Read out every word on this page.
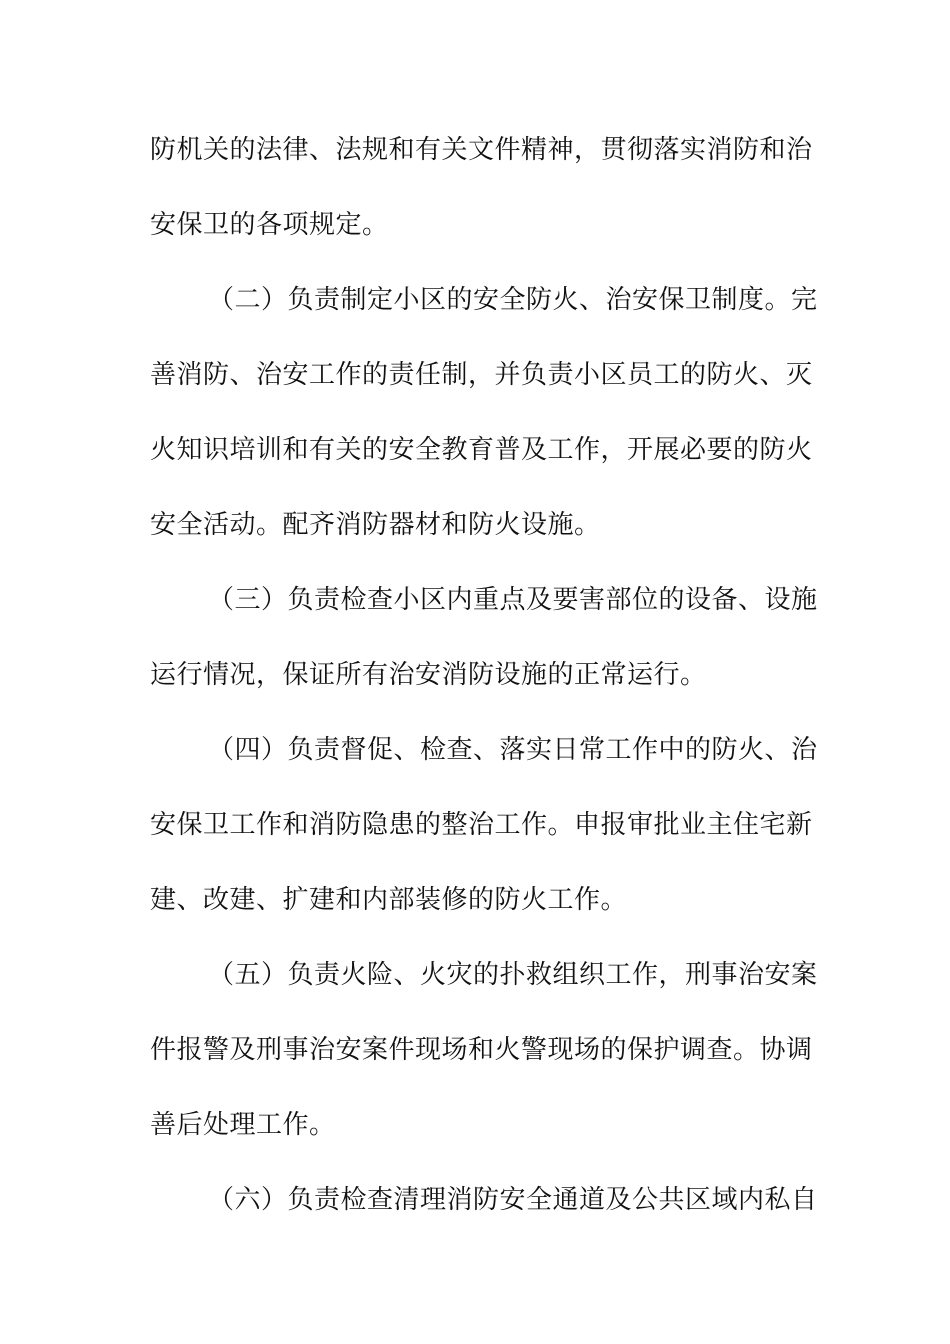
防机关的法律、法规和有关文件精神，贯彻落实消防和治
安保卫的各项规定。
（二）负责制定小区的安全防火、治安保卫制度。完
善消防、治安工作的责任制，并负责小区员工的防火、灭
火知识培训和有关的安全教育普及工作，开展必要的防火
安全活动。配齐消防器材和防火设施。
（三）负责检查小区内重点及要害部位的设备、设施
运行情况，保证所有治安消防设施的正常运行。
（四）负责督促、检查、落实日常工作中的防火、治
安保卫工作和消防隐患的整治工作。申报审批业主住宅新
建、改建、扩建和内部装修的防火工作。
（五）负责火险、火灾的扑救组织工作，刑事治安案
件报警及刑事治安案件现场和火警现场的保护调查。协调
善后处理工作。
（六）负责检查清理消防安全通道及公共区域内私自
